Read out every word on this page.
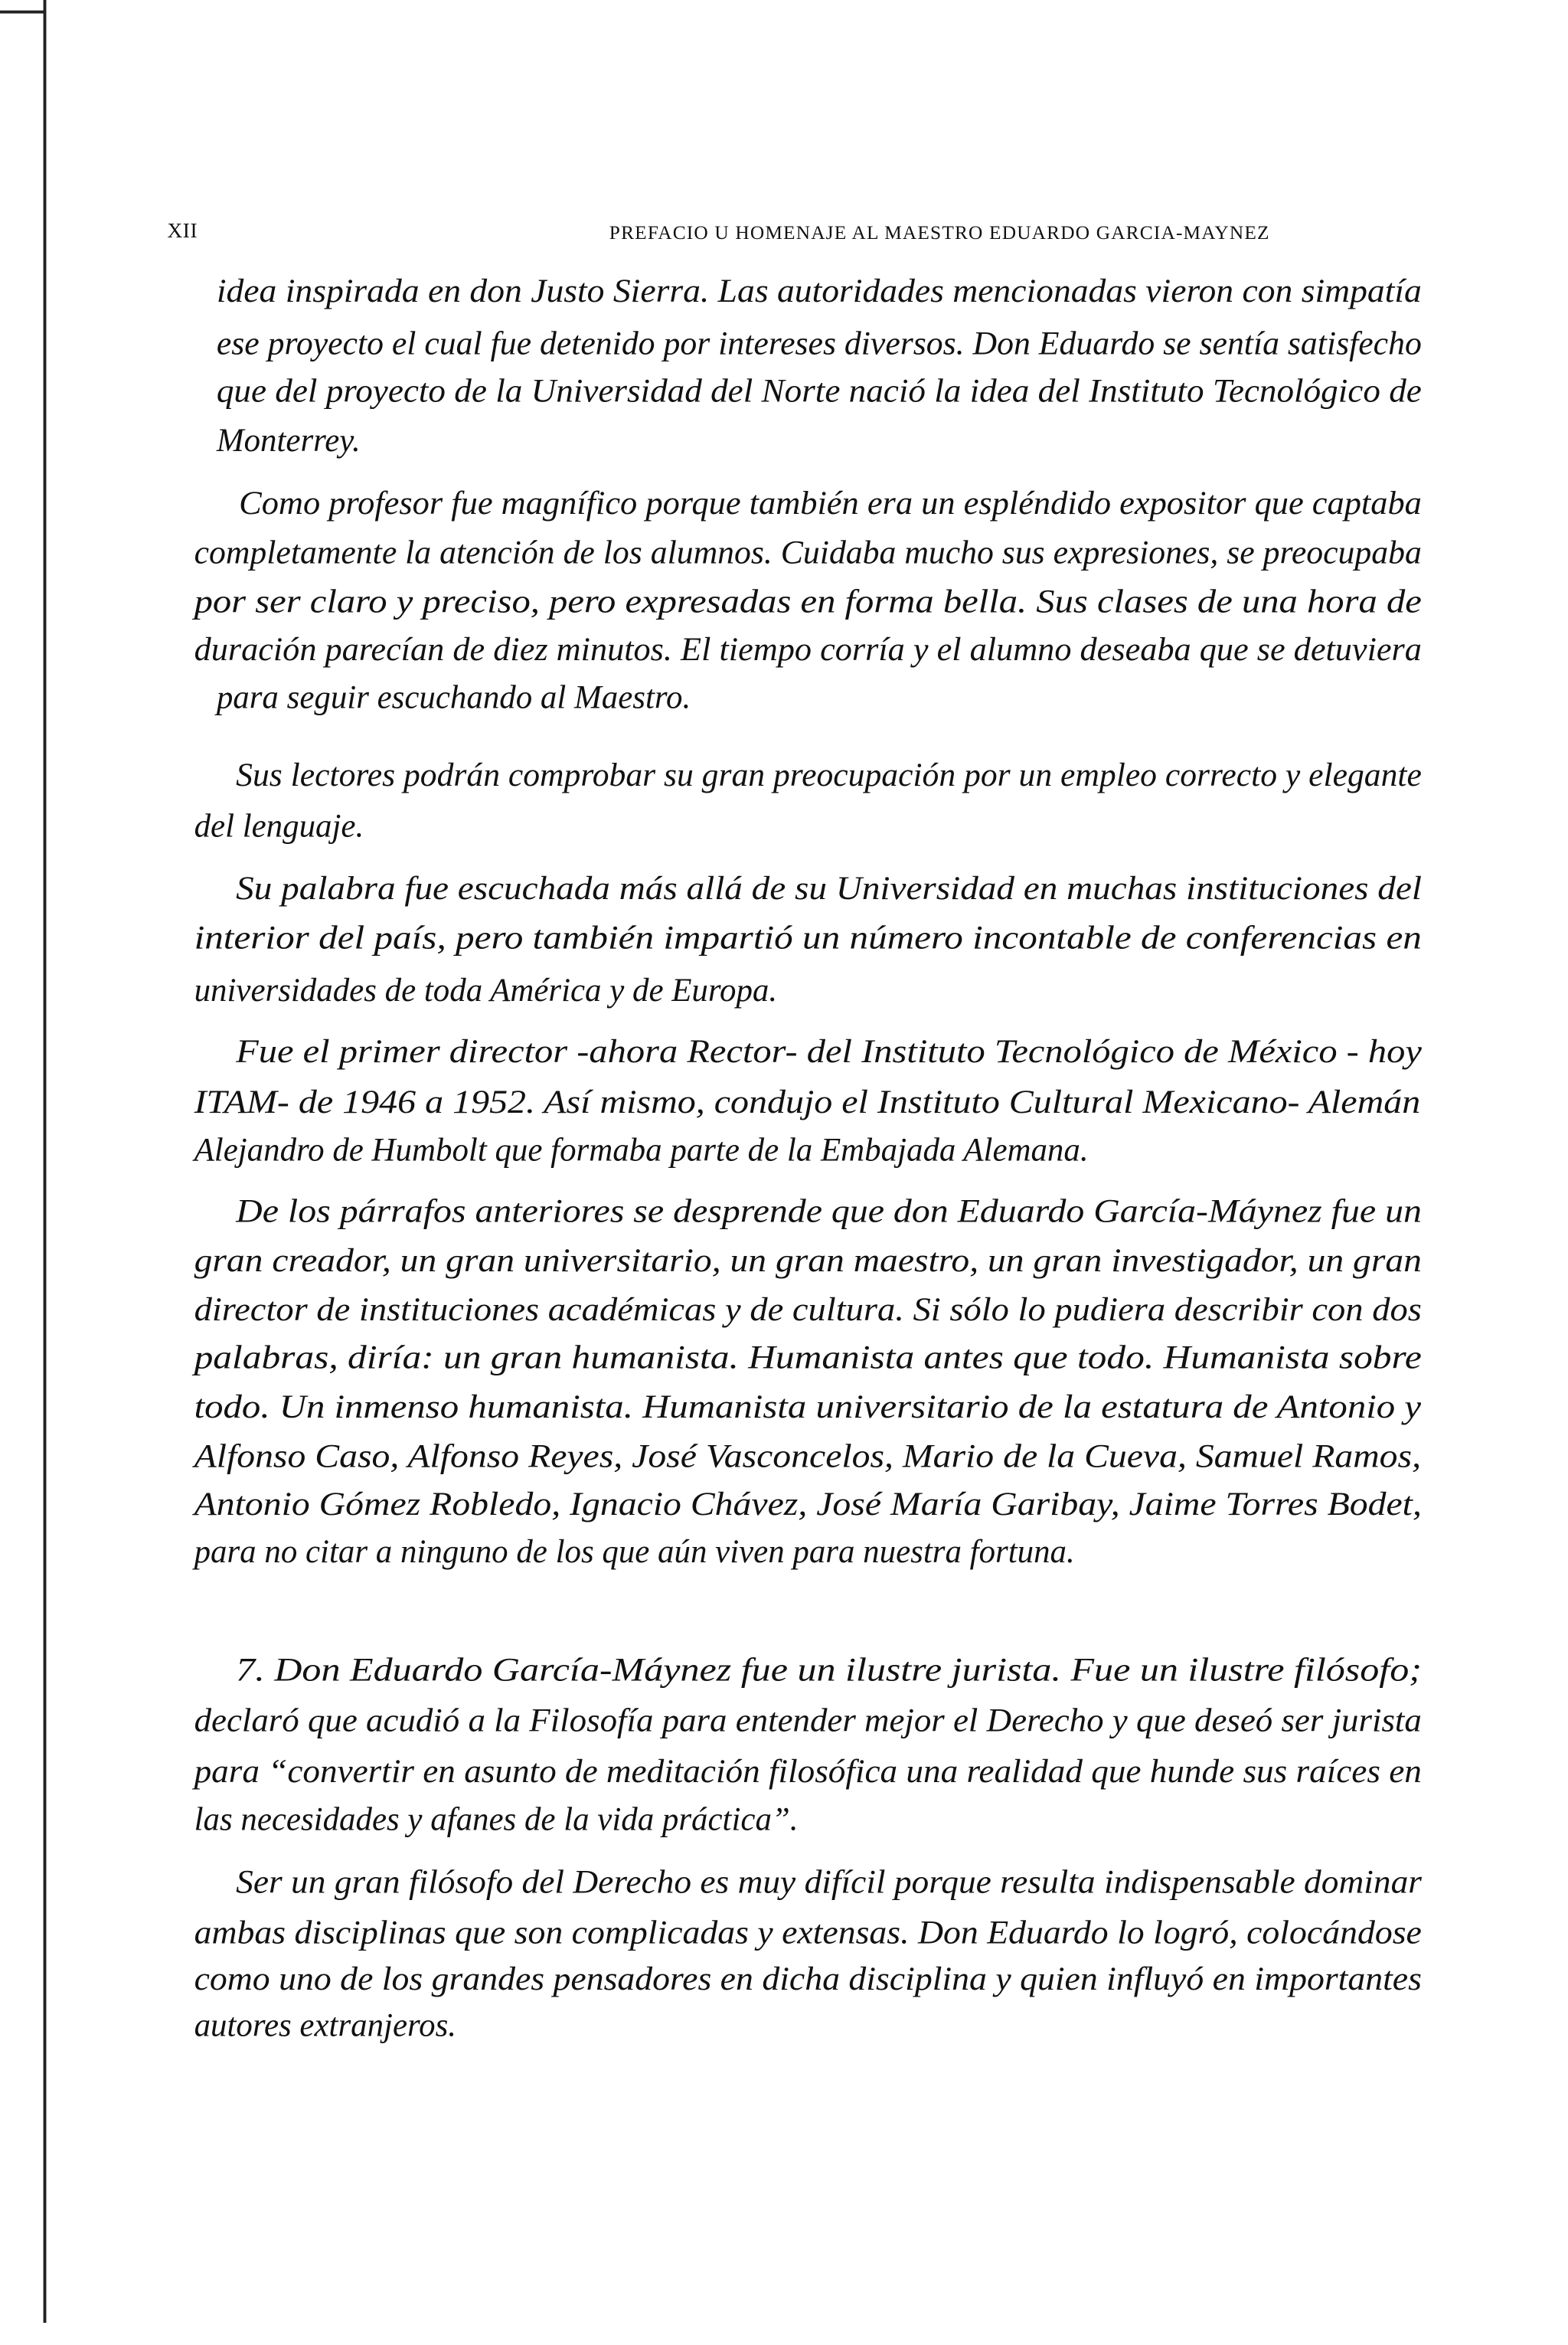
XII	PREFACIO U HOMENAJE AL MAESTRO EDUARDO GARCIA-MAYNEZ
idea inspirada en don Justo Sierra. Las autoridades mencionadas vieron con simpatía
ese proyecto el cual fue detenido por intereses diversos. Don Eduardo se sentía satisfecho
que del proyecto de la Universidad del Norte nació la idea del Instituto Tecnológico de
Monterrey.
Como profesor fue magnífico porque también era un espléndido expositor que captaba
completamente la atención de los alumnos. Cuidaba mucho sus expresiones, se preocupaba
por ser claro y preciso, pero expresadas en forma bella. Sus clases de una hora de
duración parecían de diez minutos. El tiempo corría y el alumno deseaba que se detuviera
para seguir escuchando al Maestro.
Sus lectores podrán comprobar su gran preocupación por un empleo correcto y elegante
del lenguaje.
Su palabra fue escuchada más allá de su Universidad en muchas instituciones del
interior del país, pero también impartió un número incontable de conferencias en
universidades de toda América y de Europa.
Fue el primer director -ahora Rector- del Instituto Tecnológico de México - hoy
ITAM- de 1946 a 1952. Así mismo, condujo el Instituto Cultural Mexicano- Alemán
Alejandro de Humbolt que formaba parte de la Embajada Alemana.
De los párrafos anteriores se desprende que don Eduardo García-Máynez fue un
gran creador, un gran universitario, un gran maestro, un gran investigador, un gran
director de instituciones académicas y de cultura. Si sólo lo pudiera describir con dos
palabras, diría: un gran humanista. Humanista antes que todo. Humanista sobre
todo. Un inmenso humanista. Humanista universitario de la estatura de Antonio y
Alfonso Caso, Alfonso Reyes, José Vasconcelos, Mario de la Cueva, Samuel Ramos,
Antonio Gómez Robledo, Ignacio Chávez, José María Garibay, Jaime Torres Bodet,
para no citar a ninguno de los que aún viven para nuestra fortuna.
7. Don Eduardo García-Máynez fue un ilustre jurista. Fue un ilustre filósofo;
declaró que acudió a la Filosofía para entender mejor el Derecho y que deseó ser jurista
para “convertir en asunto de meditación filosófica una realidad que hunde sus raíces en
las necesidades y afanes de la vida práctica”.
Ser un gran filósofo del Derecho es muy difícil porque resulta indispensable dominar
ambas disciplinas que son complicadas y extensas. Don Eduardo lo logró, colocándose
como uno de los grandes pensadores en dicha disciplina y quien influyó en importantes
autores extranjeros.
